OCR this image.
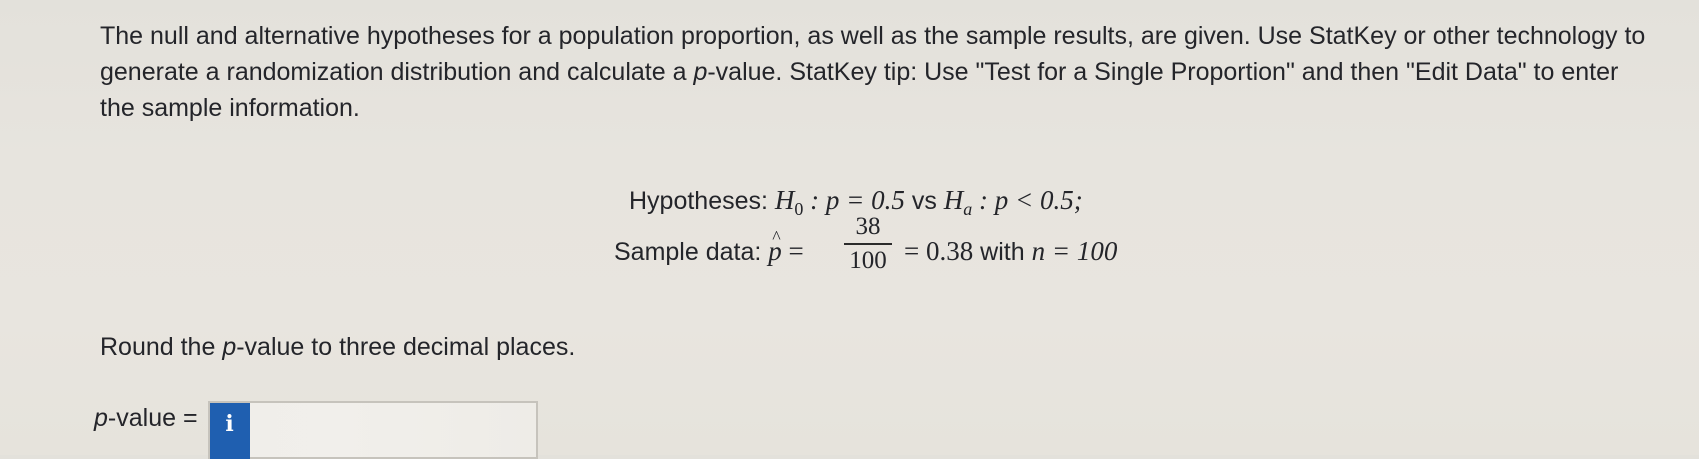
The null and alternative hypotheses for a population proportion, as well as the sample results, are given. Use StatKey or other technology to generate a randomization distribution and calculate a p-value. StatKey tip: Use "Test for a Single Proportion" and then "Edit Data" to enter the sample information.
Hypotheses: $H_0$ : p = 0.5 vs $H_a$ : p < 0.5;
Sample data: ^ $p = \frac{38}{100} = 0.38$ with n = 100
Round the p-value to three decimal places.
p-value = i
